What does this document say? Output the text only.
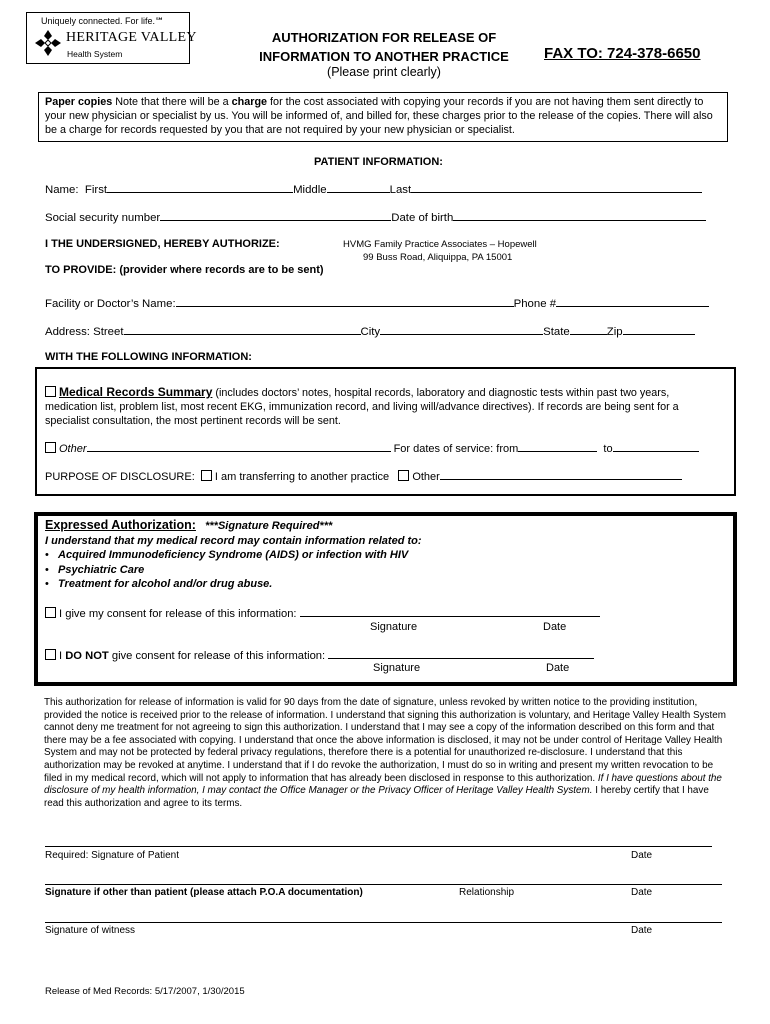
Uniquely connected. For life.℠
HERITAGE VALLEY
Health System
AUTHORIZATION FOR RELEASE OF
INFORMATION TO ANOTHER PRACTICE
(Please print clearly)
FAX TO: 724-378-6650
Paper copies Note that there will be a charge for the cost associated with copying your records if you are not having them sent directly to your new physician or specialist by us. You will be informed of, and billed for, these charges prior to the release of the copies. There will also be a charge for records requested by you that are not required by your new physician or specialist.
PATIENT INFORMATION:
Name: First	Middle	Last
Social security number	Date of birth
I THE UNDERSIGNED, HEREBY AUTHORIZE:	HVMG Family Practice Associates – Hopewell
99 Buss Road, Aliquippa, PA 15001
TO PROVIDE: (provider where records are to be sent)
Facility or Doctor’s Name:	Phone #
Address: Street	City	State	Zip
WITH THE FOLLOWING INFORMATION:
Medical Records Summary (includes doctors’ notes, hospital records, laboratory and diagnostic tests within past two years,
medication list, problem list, most recent EKG, immunization record, and living will/advance directives). If records are being sent for a
specialist consultation, the most pertinent records will be sent.
Other	For dates of service: from	to
PURPOSE OF DISCLOSURE: I am transferring to another practice Other
Expressed Authorization: ***Signature Required***
I understand that my medical record may contain information related to:
• Acquired Immunodeficiency Syndrome (AIDS) or infection with HIV
• Psychiatric Care
• Treatment for alcohol and/or drug abuse.
I give my consent for release of this information:
Signature	Date
I DO NOT give consent for release of this information:
Signature	Date
This authorization for release of information is valid for 90 days from the date of signature, unless revoked by written notice to the providing institution, provided the notice is received prior to the release of information. I understand that signing this authorization is voluntary, and Heritage Valley Health System cannot deny me treatment for not agreeing to sign this authorization. I understand that I may see a copy of the information described on this form and that there may be a fee associated with copying. I understand that once the above information is disclosed, it may not be under control of Heritage Valley Health System and may not be protected by federal privacy regulations, therefore there is a potential for unauthorized re-disclosure. I understand that this authorization may be revoked at anytime. I understand that if I do revoke the authorization, I must do so in writing and present my written revocation to be filed in my medical record, which will not apply to information that has already been disclosed in response to this authorization. If I have questions about the disclosure of my health information, I may contact the Office Manager or the Privacy Officer of Heritage Valley Health System. I hereby certify that I have read this authorization and agree to its terms.
Required: Signature of Patient	Date
Signature if other than patient (please attach P.O.A documentation)	Relationship	Date
Signature of witness	Date
Release of Med Records: 5/17/2007, 1/30/2015
